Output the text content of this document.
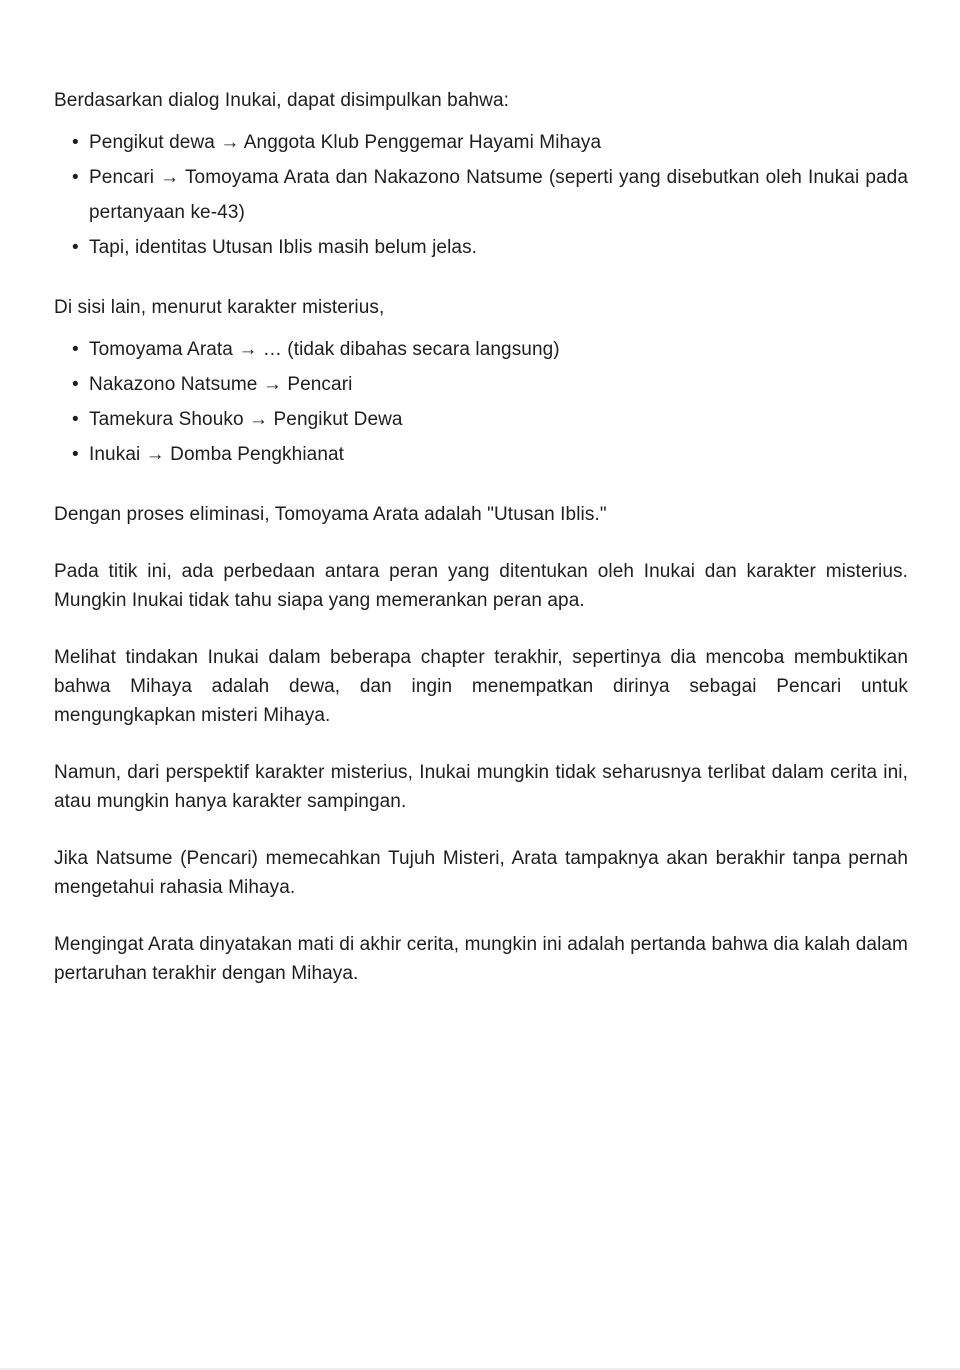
Berdasarkan dialog Inukai, dapat disimpulkan bahwa:

• Pengikut dewa → Anggota Klub Penggemar Hayami Mihaya
• Pencari → Tomoyama Arata dan Nakazono Natsume (seperti yang disebutkan oleh Inukai pada pertanyaan ke-43)
• Tapi, identitas Utusan Iblis masih belum jelas.

Di sisi lain, menurut karakter misterius,

• Tomoyama Arata → … (tidak dibahas secara langsung)
• Nakazono Natsume → Pencari
• Tamekura Shouko → Pengikut Dewa
• Inukai → Domba Pengkhianat

Dengan proses eliminasi, Tomoyama Arata adalah "Utusan Iblis."

Pada titik ini, ada perbedaan antara peran yang ditentukan oleh Inukai dan karakter misterius. Mungkin Inukai tidak tahu siapa yang memerankan peran apa.

Melihat tindakan Inukai dalam beberapa chapter terakhir, sepertinya dia mencoba membuktikan bahwa Mihaya adalah dewa, dan ingin menempatkan dirinya sebagai Pencari untuk mengungkapkan misteri Mihaya.

Namun, dari perspektif karakter misterius, Inukai mungkin tidak seharusnya terlibat dalam cerita ini, atau mungkin hanya karakter sampingan.

Jika Natsume (Pencari) memecahkan Tujuh Misteri, Arata tampaknya akan berakhir tanpa pernah mengetahui rahasia Mihaya.

Mengingat Arata dinyatakan mati di akhir cerita, mungkin ini adalah pertanda bahwa dia kalah dalam pertaruhan terakhir dengan Mihaya.
